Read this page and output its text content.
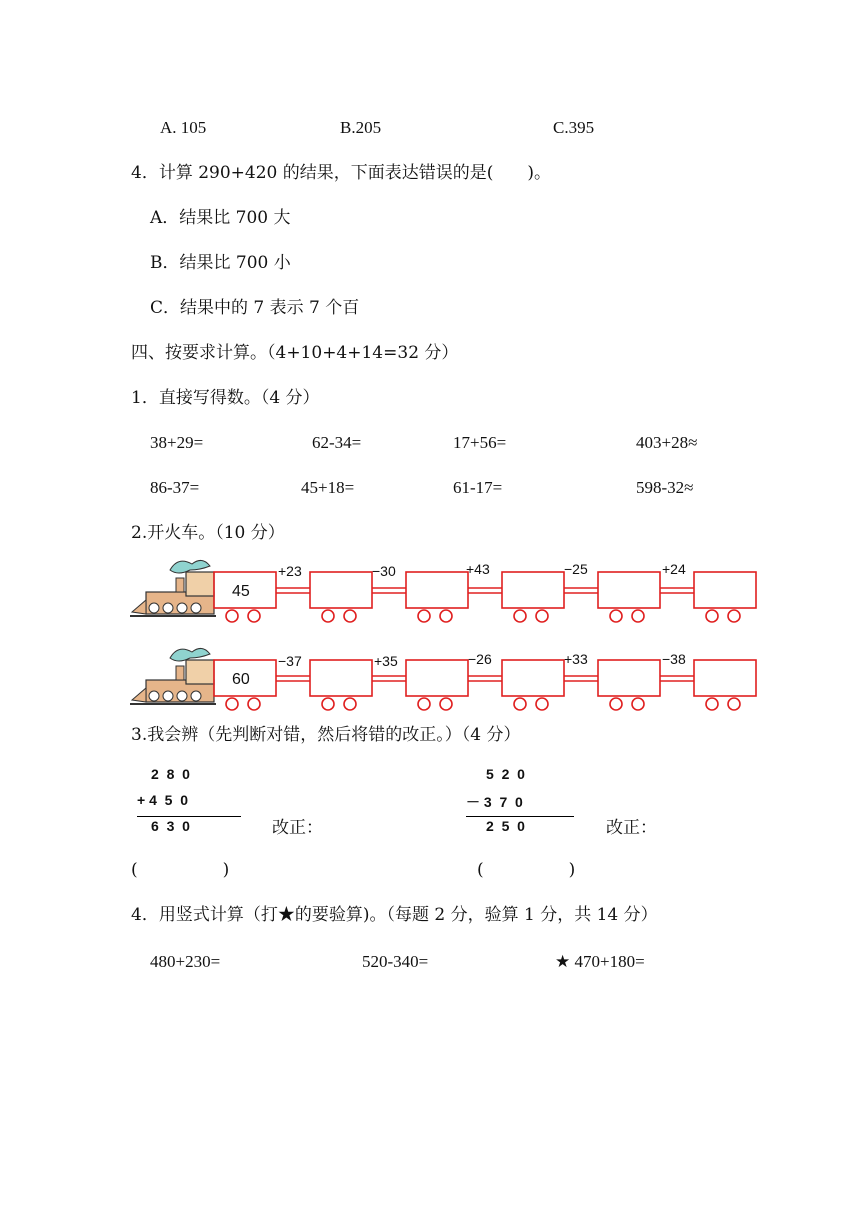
A. 105	B.205	C.395
4．计算 290+420 的结果，下面表达错误的是(　　)。
A．结果比 700 大
B．结果比 700 小
C．结果中的 7 表示 7 个百
四、按要求计算。（4+10+4+14=32 分）
1．直接写得数。（4 分）
38+29=	62-34=	17+56=	403+28≈
86-37=	45+18=	61-17=	598-32≈
2.开火车。（10 分）
45
+23	−30	+43	−25	+24
60
−37	+35	−26	+33	−38
3.我会辨（先判断对错，然后将错的改正。）（4 分）
2  8  0
+ 4  5  0
6  3  0	改正：
(　　　　　)
5  2  0
－ 3  7  0
2  5  0	改正：
(　　　　　)
4．用竖式计算（打★的要验算)。（每题 2 分，验算 1 分，共 14 分）
480+230=	520-340=	★ 470+180=
